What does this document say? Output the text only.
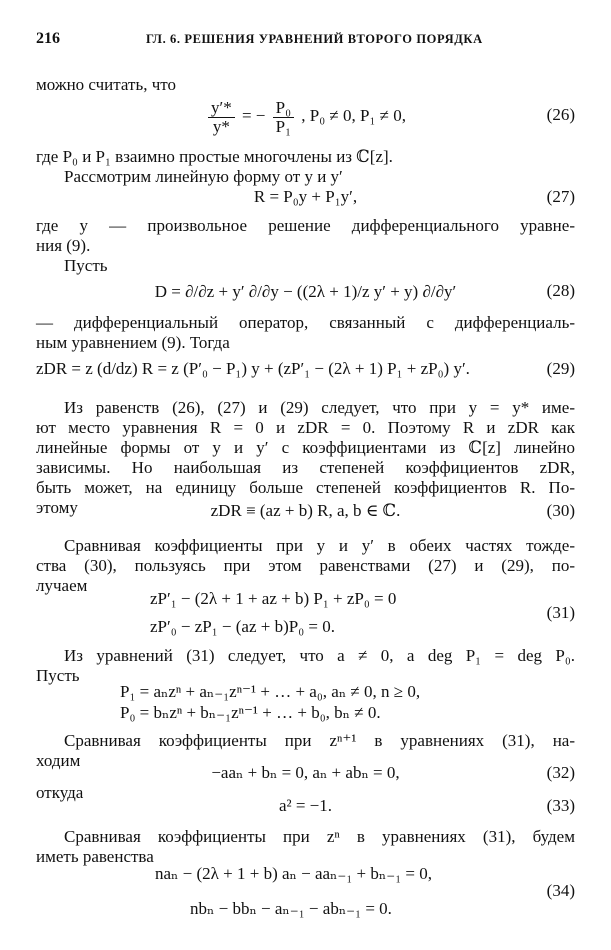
216	ГЛ. 6. РЕШЕНИЯ УРАВНЕНИЙ ВТОРОГО ПОРЯДКА
можно считать, что
$\frac{y'*}{y*}$ = − $\frac{\text{P₀}}{\text{P₁}}$ , P₀ ≠ 0, P₁ ≠ 0,	(26)
где P₀ и P₁ взаимно простые многочлены из ℂ[z].
Рассмотрим линейную форму от y и y′
R = P₀y + P₁y′,	(27)
где y — произвольное решение дифференциального уравне-
ния (9).
Пусть
D = ∂/∂z + y′ ∂/∂y − ((2λ + 1)/z y′ + y) ∂/∂y′	(28)
— дифференциальный оператор, связанный с дифференциаль-
ным уравнением (9). Тогда
zDR = z (d/dz) R = z (P′₀ − P₁) y + (zP′₁ − (2λ + 1) P₁ + zP₀) y′.	(29)
Из равенств (26), (27) и (29) следует, что при y = y* име-
ют место уравнения R = 0 и zDR = 0. Поэтому R и zDR как
линейные формы от y и y′ с коэффициентами из ℂ[z] линейно
зависимы. Но наибольшая из степеней коэффициентов zDR,
быть может, на единицу больше степеней коэффициентов R. По-
этому	zDR ≡ (az + b) R, a, b ∈ ℂ.	(30)
Сравнивая коэффициенты при y и y′ в обеих частях тожде-
ства (30), пользуясь при этом равенствами (27) и (29), по-
лучаем
zP′₁ − (2λ + 1 + az + b) P₁ + zP₀ = 0
zP′₀ − zP₁ − (az + b)P₀ = 0.
(31)
Из уравнений (31) следует, что a ≠ 0, а deg P₁ = deg P₀.
Пусть
P₁ = aₙzⁿ + aₙ₋₁zⁿ⁻¹ + … + a₀, aₙ ≠ 0, n ≥ 0,
P₀ = bₙzⁿ + bₙ₋₁zⁿ⁻¹ + … + b₀, bₙ ≠ 0.
Сравнивая коэффициенты при zⁿ⁺¹ в уравнениях (31), на-
ходим
−aaₙ + bₙ = 0, aₙ + abₙ = 0,	(32)
откуда
a² = −1.	(33)
Сравнивая коэффициенты при zⁿ в уравнениях (31), будем
иметь равенства
naₙ − (2λ + 1 + b) aₙ − aaₙ₋₁ + bₙ₋₁ = 0,
nbₙ − bbₙ − aₙ₋₁ − abₙ₋₁ = 0.
(34)
